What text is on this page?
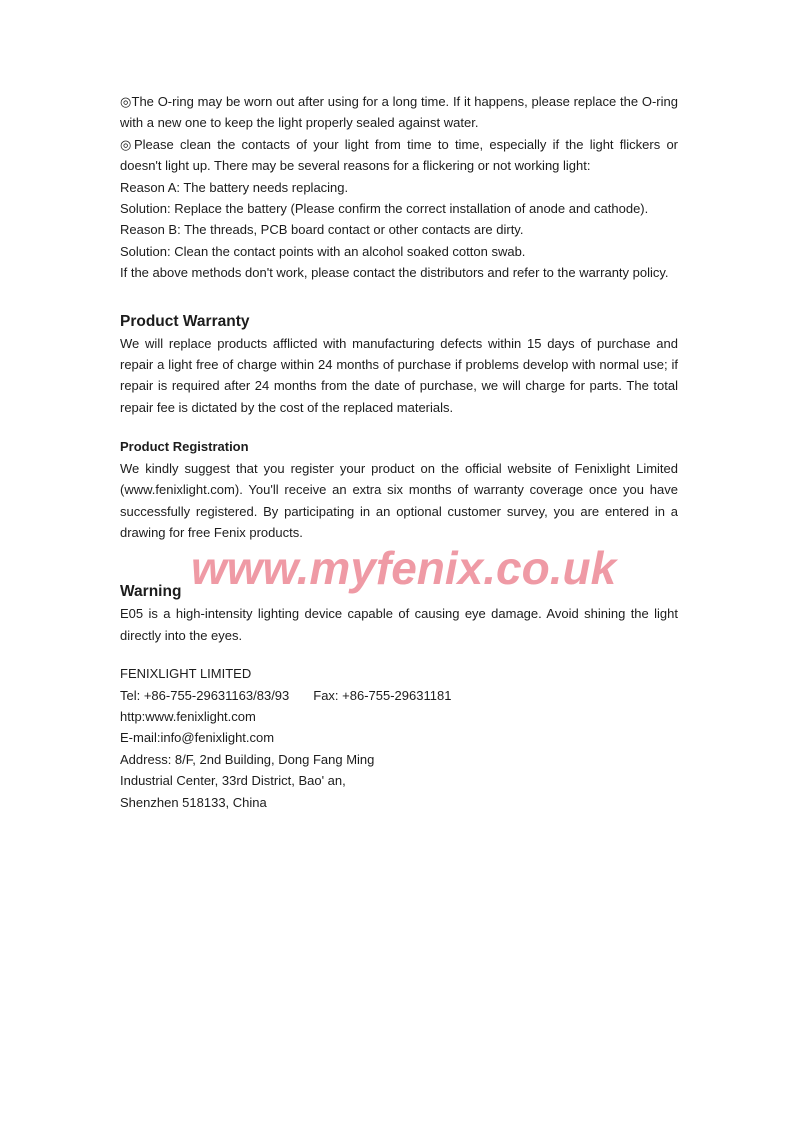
www.myfenix.co.uk

◎The O-ring may be worn out after using for a long time. If it happens, please replace the O-ring with a new one to keep the light properly sealed against water.

◎Please clean the contacts of your light from time to time, especially if the light flickers or doesn't light up. There may be several reasons for a flickering or not working light:

Reason A: The battery needs replacing.

Solution: Replace the battery (Please confirm the correct installation of anode and cathode).

Reason B: The threads, PCB board contact or other contacts are dirty.

Solution: Clean the contact points with an alcohol soaked cotton swab.

If the above methods don't work, please contact the distributors and refer to the warranty policy.

Product Warranty

We will replace products afflicted with manufacturing defects within 15 days of purchase and repair a light free of charge within 24 months of purchase if problems develop with normal use; if repair is required after 24 months from the date of purchase, we will charge for parts. The total repair fee is dictated by the cost of the replaced materials.

Product Registration

We kindly suggest that you register your product on the official website of Fenixlight Limited (www.fenixlight.com). You'll receive an extra six months of warranty coverage once you have successfully registered. By participating in an optional customer survey, you are entered in a drawing for free Fenix products.

Warning

E05 is a high-intensity lighting device capable of causing eye damage. Avoid shining the light directly into the eyes.

FENIXLIGHT LIMITED
Tel: +86-755-29631163/83/93 Fax: +86-755-29631181
http:www.fenixlight.com
E-mail:info@fenixlight.com
Address: 8/F, 2nd Building, Dong Fang Ming
Industrial Center, 33rd District, Bao' an,
Shenzhen 518133, China
